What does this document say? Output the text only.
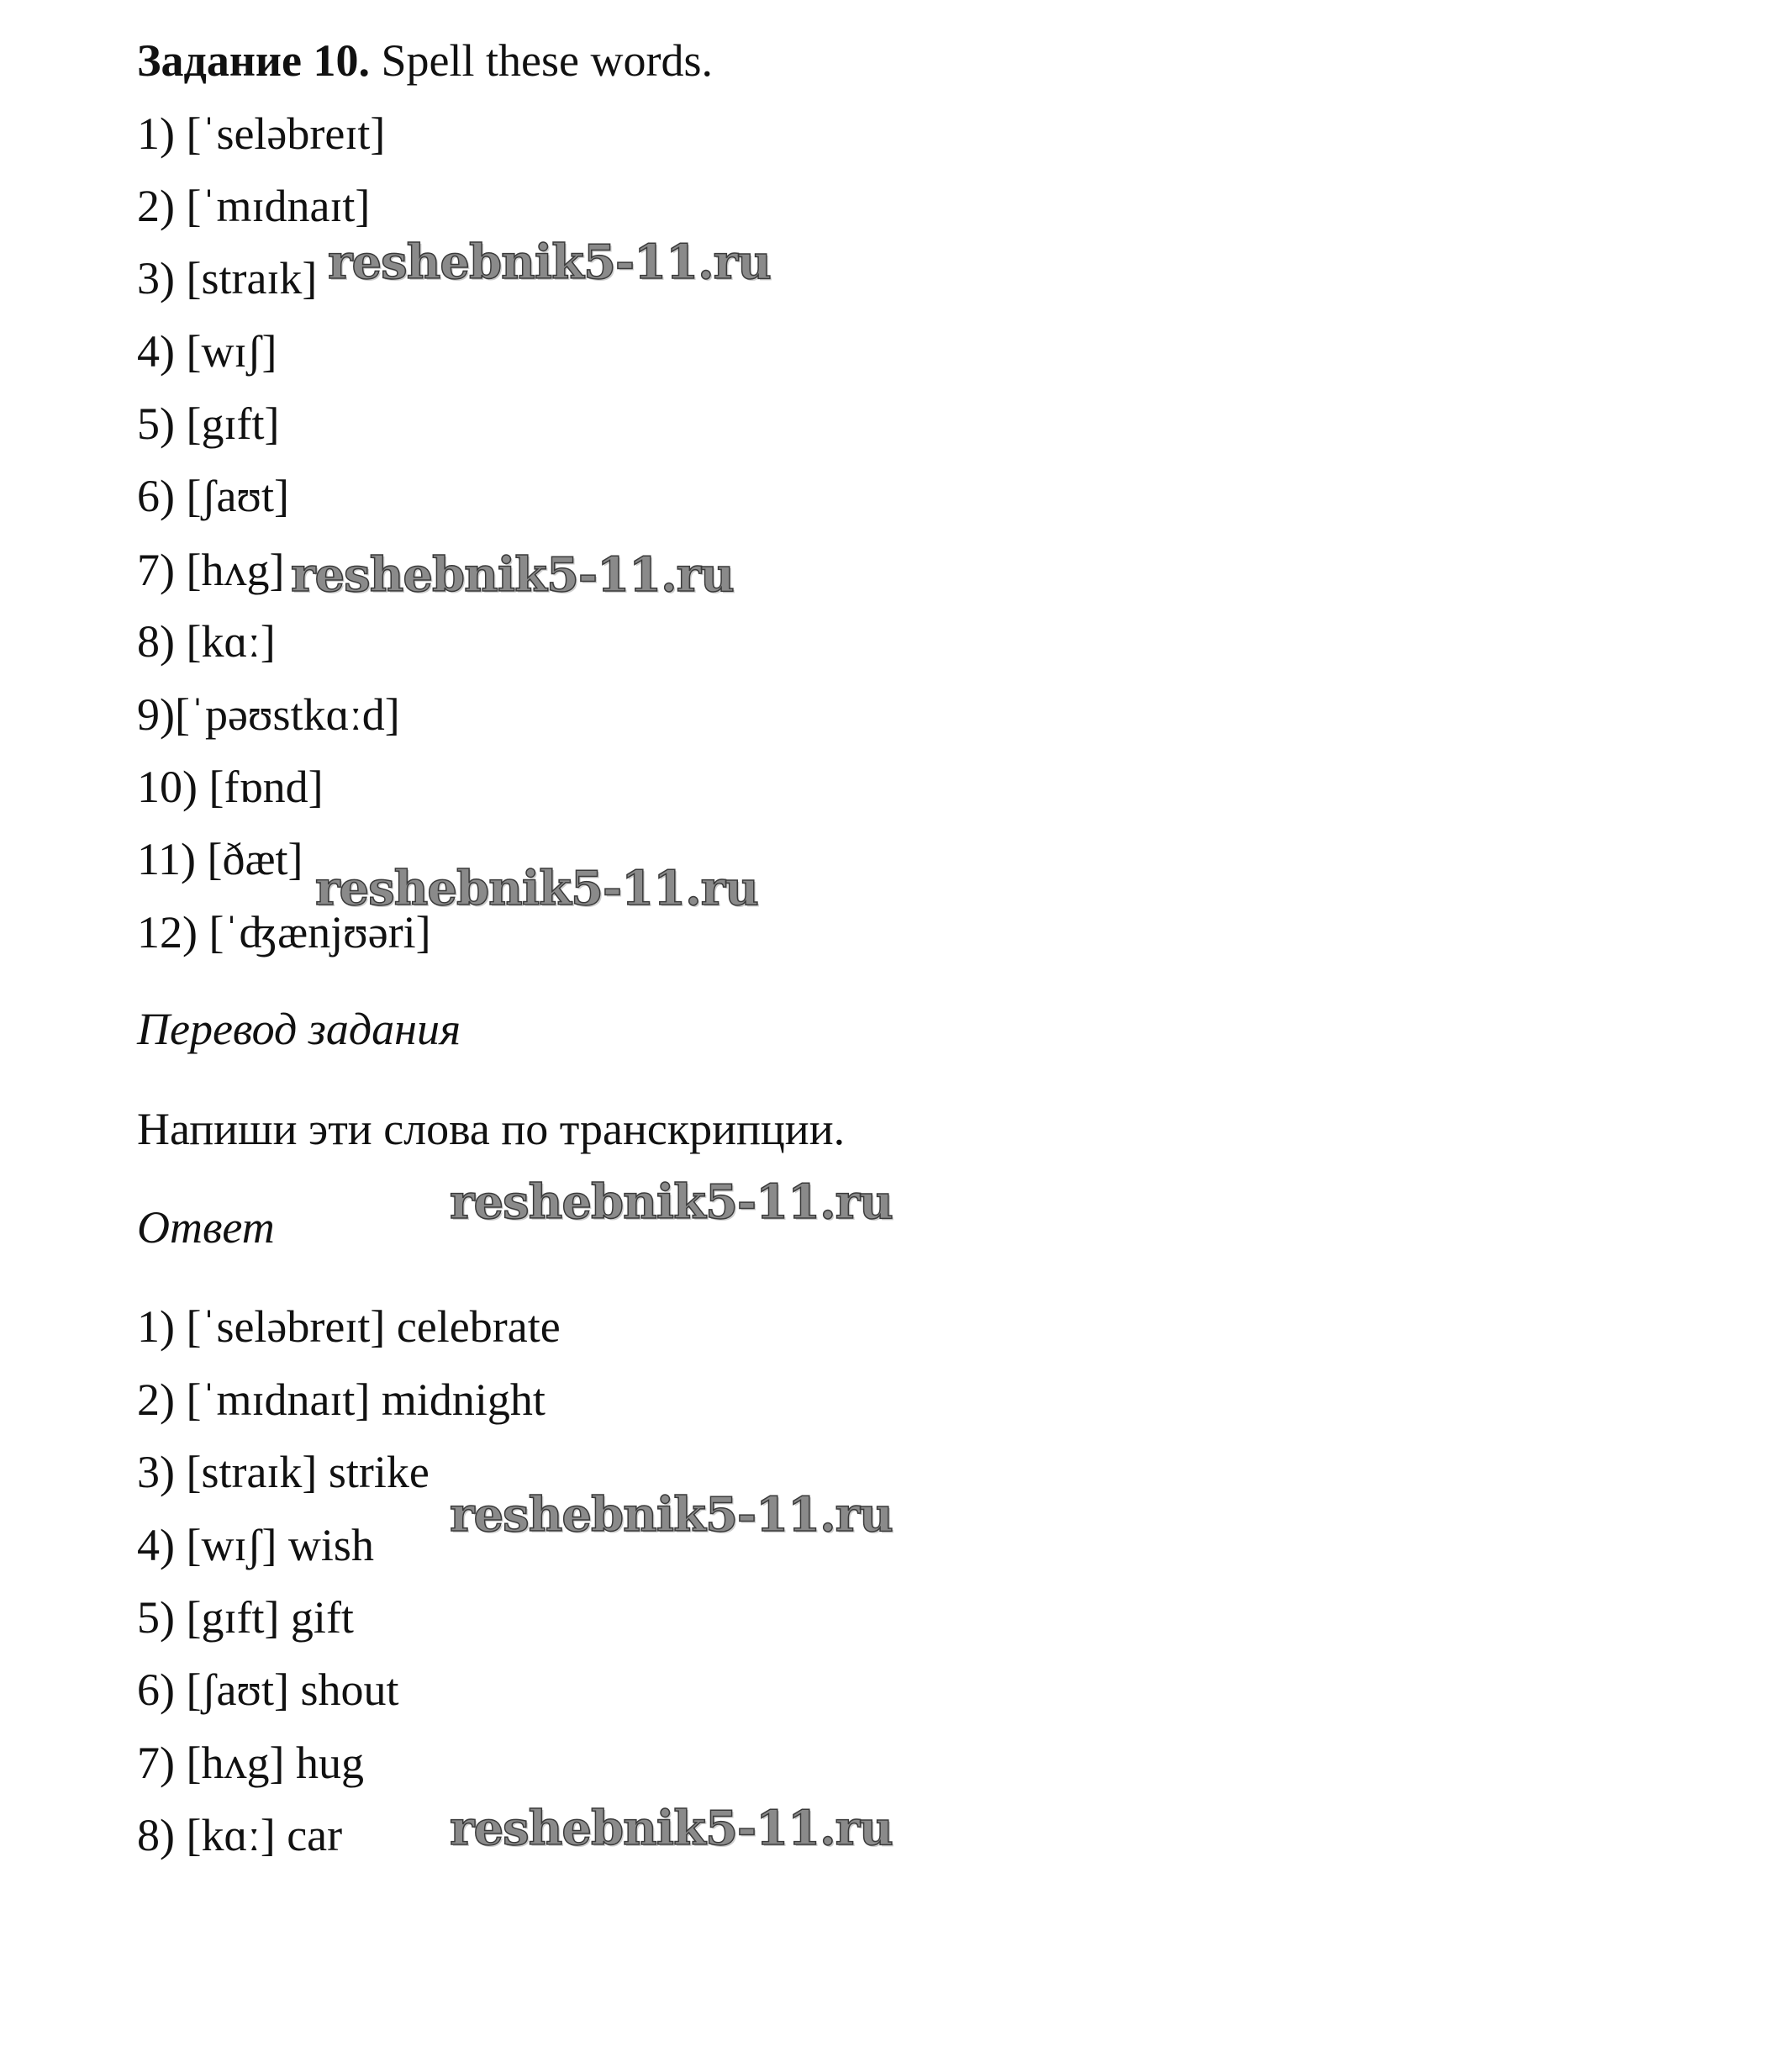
Задание 10. Spell these words.
1) [ˈseləbreɪt]
2) [ˈmɪdnaɪt]
3) [straɪk]
4) [wɪʃ]
5) [gɪft]
6) [ʃaʊt]
7) [hʌg]
8) [kɑː]
9)[ˈpəʊstkɑːd]
10) [fɒnd]
11) [ðæt]
12) [ˈʤænjʊəri]
Перевод задания
Напиши эти слова по транскрипции.
Ответ
1) [ˈseləbreɪt] celebrate
2) [ˈmɪdnaɪt] midnight
3) [straɪk] strike
4) [wɪʃ] wish
5) [gɪft] gift
6) [ʃaʊt] shout
7) [hʌg] hug
8) [kɑː] car
reshebnik5-11.ru
reshebnik5-11.ru
reshebnik5-11.ru
reshebnik5-11.ru
reshebnik5-11.ru
reshebnik5-11.ru
